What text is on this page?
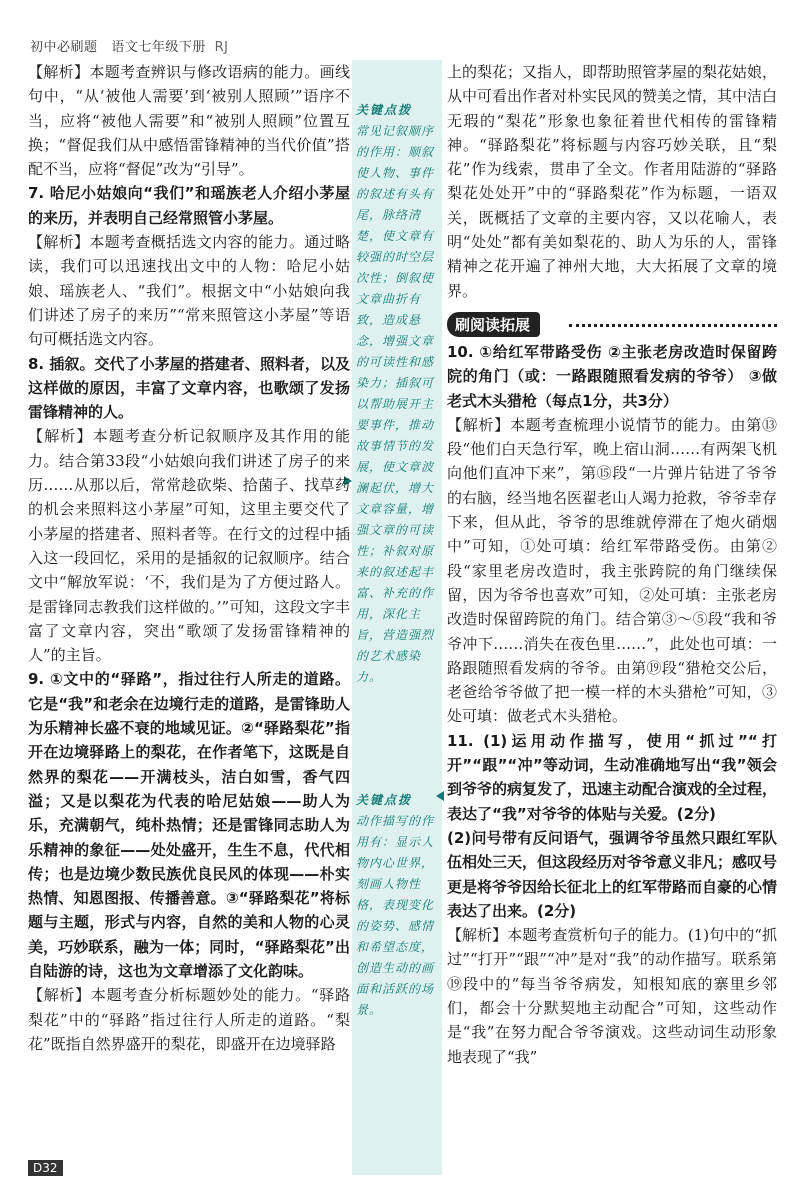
初中必刷题 语文七年级下册 RJ
关键点拨
常见记叙顺序的作用：顺叙使人物、事件的叙述有头有尾，脉络清楚，使文章有较强的时空层次性；倒叙使文章曲折有致，造成悬念，增强文章的可读性和感染力；插叙可以帮助展开主要事件，推动故事情节的发展，使文章波澜起伏，增大文章容量，增强文章的可读性；补叙对原来的叙述起丰富、补充的作用，深化主旨，营造强烈的艺术感染力。
关键点拨
动作描写的作用有：显示人物内心世界，刻画人物性格，表现变化的姿势、感情和希望态度，创造生动的画面和活跃的场景。

【解析】本题考查辨识与修改语病的能力。画线句中，“从‘被他人需要’到‘被别人照顾’”语序不当，应将“被他人需要”和“被别人照顾”位置互换；“督促我们从中感悟雷锋精神的当代价值”搭配不当，应将“督促”改为“引导”。

7. 哈尼小姑娘向“我们”和瑶族老人介绍小茅屋的来历，并表明自己经常照管小茅屋。

【解析】本题考查概括选文内容的能力。通过略读，我们可以迅速找出文中的人物：哈尼小姑娘、瑶族老人、“我们”。根据文中“小姑娘向我们讲述了房子的来历”“常来照管这小茅屋”等语句可概括选文内容。

8. 插叙。交代了小茅屋的搭建者、照料者，以及这样做的原因，丰富了文章内容，也歌颂了发扬雷锋精神的人。

【解析】本题考查分析记叙顺序及其作用的能力。结合第33段“小姑娘向我们讲述了房子的来历……从那以后，常常趁砍柴、拾菌子、找草药的机会来照料这小茅屋”可知，这里主要交代了小茅屋的搭建者、照料者等。在行文的过程中插入这一段回忆，采用的是插叙的记叙顺序。结合文中“解放军说：‘不，我们是为了方便过路人。是雷锋同志教我们这样做的。’”可知，这段文字丰富了文章内容，突出“歌颂了发扬雷锋精神的人”的主旨。

9. ①文中的“驿路”，指过往行人所走的道路。它是“我”和老余在边境行走的道路，是雷锋助人为乐精神长盛不衰的地域见证。②“驿路梨花”指开在边境驿路上的梨花，在作者笔下，这既是自然界的梨花——开满枝头，洁白如雪，香气四溢；又是以梨花为代表的哈尼姑娘——助人为乐，充满朝气，纯朴热情；还是雷锋同志助人为乐精神的象征——处处盛开，生生不息，代代相传；也是边境少数民族优良民风的体现——朴实热情、知恩图报、传播善意。③“驿路梨花”将标题与主题，形式与内容，自然的美和人物的心灵美，巧妙联系，融为一体；同时，“驿路梨花”出自陆游的诗，这也为文章增添了文化韵味。

【解析】本题考查分析标题妙处的能力。“驿路梨花”中的“驿路”指过往行人所走的道路。“梨花”既指自然界盛开的梨花，即盛开在边境驿路

上的梨花；又指人，即帮助照管茅屋的梨花姑娘，从中可看出作者对朴实民风的赞美之情，其中洁白无瑕的“梨花”形象也象征着世代相传的雷锋精神。“驿路梨花”将标题与内容巧妙关联，且“梨花”作为线索，贯串了全文。作者用陆游的“驿路梨花处处开”中的“驿路梨花”作为标题，一语双关，既概括了文章的主要内容，又以花喻人，表明“处处”都有美如梨花的、助人为乐的人，雷锋精神之花开遍了神州大地，大大拓展了文章的境界。

刷阅读拓展

10. ①给红军带路受伤 ②主张老房改造时保留跨院的角门（或：一路跟随照看发病的爷爷） ③做老式木头猎枪（每点1分，共3分）

【解析】本题考查梳理小说情节的能力。由第⑬段“他们白天急行军，晚上宿山洞……有两架飞机向他们直冲下来”，第⑮段“一片弹片钻进了爷爷的右脑，经当地名医翟老山人竭力抢救，爷爷幸存下来，但从此，爷爷的思维就停滞在了炮火硝烟中”可知，①处可填：给红军带路受伤。由第②段“家里老房改造时，我主张跨院的角门继续保留，因为爷爷也喜欢”可知，②处可填：主张老房改造时保留跨院的角门。结合第③～⑤段“我和爷爷冲下……消失在夜色里……”，此处也可填：一路跟随照看发病的爷爷。由第⑲段“猎枪交公后，老爸给爷爷做了把一模一样的木头猎枪”可知，③处可填：做老式木头猎枪。

11. (1)运用动作描写，使用“抓过”“打开”“跟”“冲”等动词，生动准确地写出“我”领会到爷爷的病复发了，迅速主动配合演戏的全过程，表达了“我”对爷爷的体贴与关爱。(2分)

(2)问号带有反问语气，强调爷爷虽然只跟红军队伍相处三天，但这段经历对爷爷意义非凡；感叹号更是将爷爷因给长征北上的红军带路而自豪的心情表达了出来。(2分)

【解析】本题考查赏析句子的能力。(1)句中的“抓过”“打开”“跟”“冲”是对“我”的动作描写。联系第⑲段中的“每当爷爷病发，知根知底的寨里乡邻们，都会十分默契地主动配合”可知，这些动作是“我”在努力配合爷爷演戏。这些动词生动形象地表现了“我”

D32
